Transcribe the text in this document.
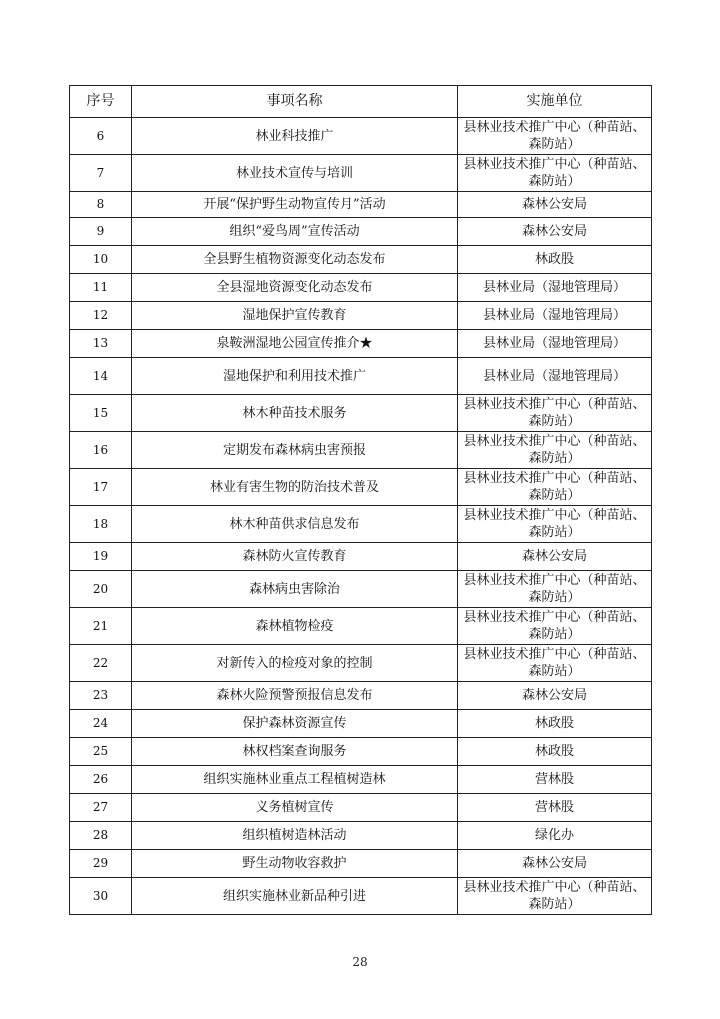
序号	事项名称	实施单位
6	林业科技推广	县林业技术推广中心（种苗站、森防站）
7	林业技术宣传与培训	县林业技术推广中心（种苗站、森防站）
8	开展“保护野生动物宣传月”活动	森林公安局
9	组织“爱鸟周”宣传活动	森林公安局
10	全县野生植物资源变化动态发布	林政股
11	全县湿地资源变化动态发布	县林业局（湿地管理局）
12	湿地保护宣传教育	县林业局（湿地管理局）
13	泉鞍洲湿地公园宣传推介★	县林业局（湿地管理局）
14	湿地保护和利用技术推广	县林业局（湿地管理局）
15	林木种苗技术服务	县林业技术推广中心（种苗站、森防站）
16	定期发布森林病虫害预报	县林业技术推广中心（种苗站、森防站）
17	林业有害生物的防治技术普及	县林业技术推广中心（种苗站、森防站）
18	林木种苗供求信息发布	县林业技术推广中心（种苗站、森防站）
19	森林防火宣传教育	森林公安局
20	森林病虫害除治	县林业技术推广中心（种苗站、森防站）
21	森林植物检疫	县林业技术推广中心（种苗站、森防站）
22	对新传入的检疫对象的控制	县林业技术推广中心（种苗站、森防站）
23	森林火险预警预报信息发布	森林公安局
24	保护森林资源宣传	林政股
25	林权档案查询服务	林政股
26	组织实施林业重点工程植树造林	营林股
27	义务植树宣传	营林股
28	组织植树造林活动	绿化办
29	野生动物收容救护	森林公安局
30	组织实施林业新品种引进	县林业技术推广中心（种苗站、森防站）
28
